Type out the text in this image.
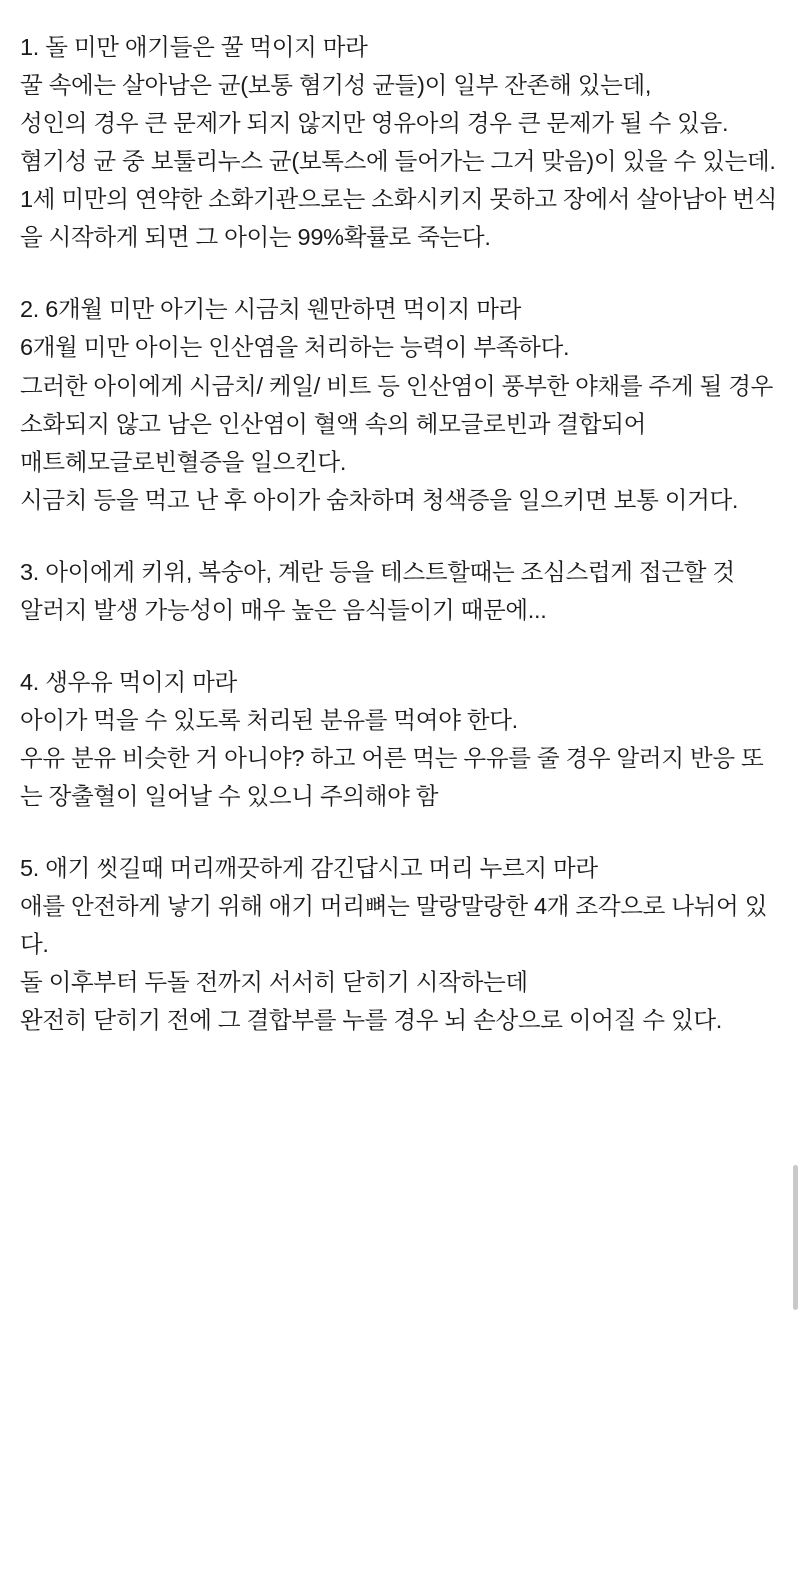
1. 돌 미만 애기들은 꿀 먹이지 마라
꿀 속에는 살아남은 균(보통 혐기성 균들)이 일부 잔존해 있는데,
성인의 경우 큰 문제가 되지 않지만 영유아의 경우 큰 문제가 될 수 있음.
혐기성 균 중 보툴리누스 균(보톡스에 들어가는 그거 맞음)이 있을 수 있는데.
1세 미만의 연약한 소화기관으로는 소화시키지 못하고 장에서 살아남아 번식을 시작하게 되면 그 아이는 99%확률로 죽는다.
2. 6개월 미만 아기는 시금치 웬만하면 먹이지 마라
6개월 미만 아이는 인산염을 처리하는 능력이 부족하다.
그러한 아이에게 시금치/ 케일/ 비트 등 인산염이 풍부한 야채를 주게 될 경우
소화되지 않고 남은 인산염이 혈액 속의 헤모글로빈과 결합되어
매트헤모글로빈혈증을 일으킨다.
시금치 등을 먹고 난 후 아이가 숨차하며 청색증을 일으키면 보통 이거다.
3. 아이에게 키위, 복숭아, 계란 등을 테스트할때는 조심스럽게 접근할 것
알러지 발생 가능성이 매우 높은 음식들이기 때문에...
4. 생우유 먹이지 마라
아이가 먹을 수 있도록 처리된 분유를 먹여야 한다.
우유 분유 비슷한 거 아니야? 하고 어른 먹는 우유를 줄 경우 알러지 반응 또는 장출혈이 일어날 수 있으니 주의해야 함
5. 애기 씻길때 머리깨끗하게 감긴답시고 머리 누르지 마라
애를 안전하게 낳기 위해 애기 머리뼈는 말랑말랑한 4개 조각으로 나뉘어 있다.
돌 이후부터 두돌 전까지 서서히 닫히기 시작하는데
완전히 닫히기 전에 그 결합부를 누를 경우 뇌 손상으로 이어질 수 있다.
